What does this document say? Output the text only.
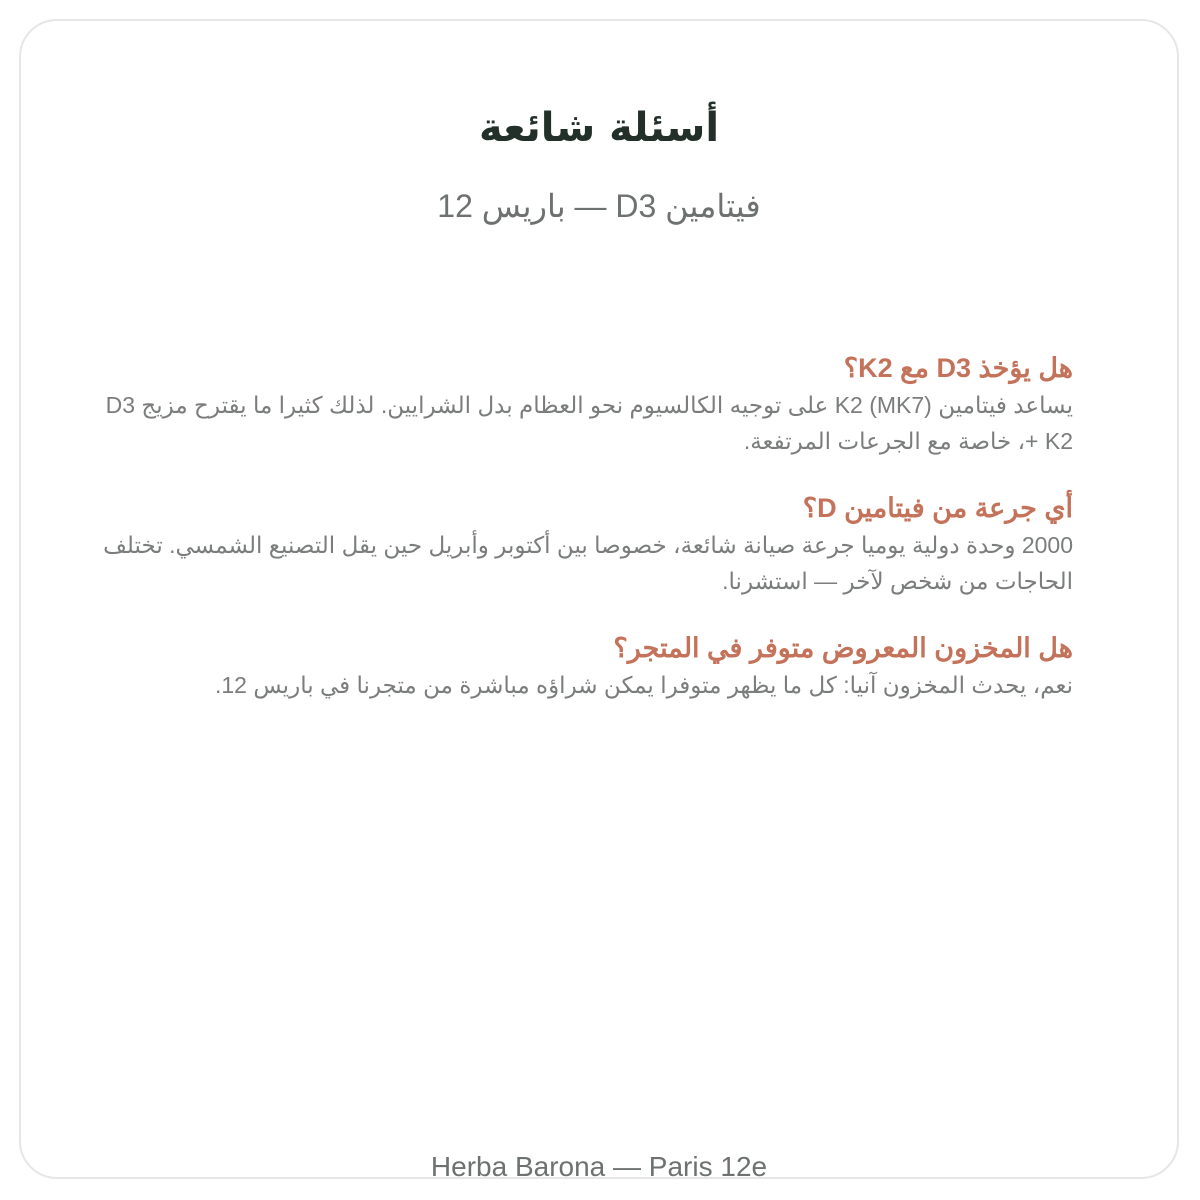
أسئلة شائعة
فيتامين D3 — باريس 12
هل يؤخذ D3 مع K2؟
يساعد فيتامين K2 (MK7) على توجيه الكالسيوم نحو العظام بدل الشرايين. لذلك كثيرا ما يقترح مزيج D3 + K2، خاصة مع الجرعات المرتفعة.
أي جرعة من فيتامين D؟
2000 وحدة دولية يوميا جرعة صيانة شائعة، خصوصا بين أكتوبر وأبريل حين يقل التصنيع الشمسي. تختلف الحاجات من شخص لآخر — استشرنا.
هل المخزون المعروض متوفر في المتجر؟
نعم، يحدث المخزون آنيا: كل ما يظهر متوفرا يمكن شراؤه مباشرة من متجرنا في باريس 12.
Herba Barona — Paris 12e
